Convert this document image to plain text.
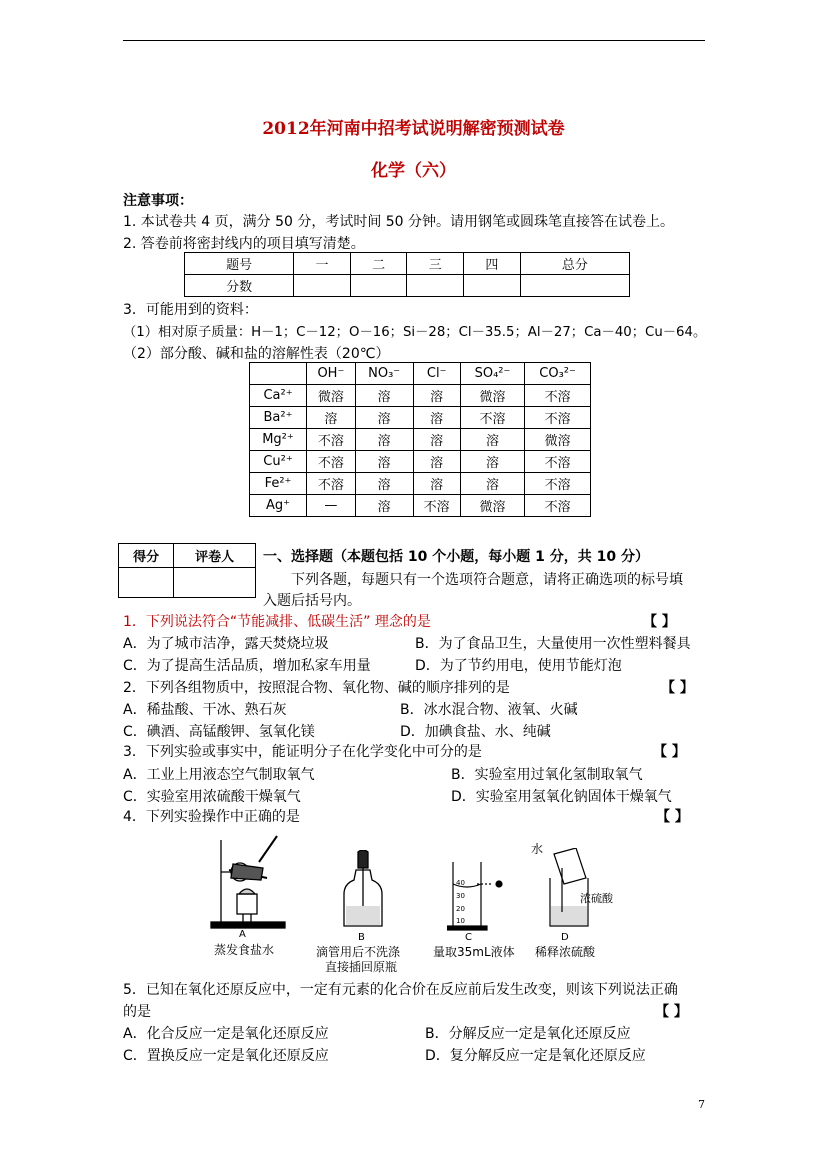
2012年河南中招考试说明解密预测试卷
化学（六）
注意事项：
1. 本试卷共 4 页，满分 50 分，考试时间 50 分钟。请用钢笔或圆珠笔直接答在试卷上。
2. 答卷前将密封线内的项目填写清楚。
题号	一	二	三	四	总分
分数					
3．可能用到的资料：
（1）相对原子质量：H－1；C－12；O－16；Si－28；Cl－35.5；Al－27；Ca－40；Cu－64。
（2）部分酸、碱和盐的溶解性表（20℃）
	OH⁻	NO₃⁻	Cl⁻	SO₄²⁻	CO₃²⁻
Ca²⁺	微溶	溶	溶	微溶	不溶
Ba²⁺	溶	溶	溶	不溶	不溶
Mg²⁺	不溶	溶	溶	溶	微溶
Cu²⁺	不溶	溶	溶	溶	不溶
Fe²⁺	不溶	溶	溶	溶	不溶
Ag⁺	—	溶	不溶	微溶	不溶
得分	评卷人
	一、选择题（本题包括 10 个小题，每小题 1 分，共 10 分）
下列各题，每题只有一个选项符合题意，请将正确选项的标号填
入题后括号内。
1．下列说法符合“节能减排、低碳生活” 理念的是	【 】
A．为了城市洁净，露天焚烧垃圾	B．为了食品卫生，大量使用一次性塑料餐具
C．为了提高生活品质，增加私家车用量	D．为了节约用电，使用节能灯泡
2．下列各组物质中，按照混合物、氧化物、碱的顺序排列的是	【 】
A．稀盐酸、干冰、熟石灰	B．冰水混合物、液氧、火碱
C．碘酒、高锰酸钾、氢氧化镁	D．加碘食盐、水、纯碱
3．下列实验或事实中，能证明分子在化学变化中可分的是	【 】
A．工业上用液态空气制取氧气	B．实验室用过氧化氢制取氧气
C．实验室用浓硫酸干燥氧气	D．实验室用氢氧化钠固体干燥氧气
4．下列实验操作中正确的是	【 】
A
蒸发食盐水
B
滴管用后不洗涤
直接插回原瓶
40
30
20
10
C
量取35mL液体
水
浓硫酸
D
稀释浓硫酸
5．已知在氧化还原反应中，一定有元素的化合价在反应前后发生改变，则该下列说法正确
的是	【 】
A．化合反应一定是氧化还原反应	B．分解反应一定是氧化还原反应
C．置换反应一定是氧化还原反应	D．复分解反应一定是氧化还原反应
7
